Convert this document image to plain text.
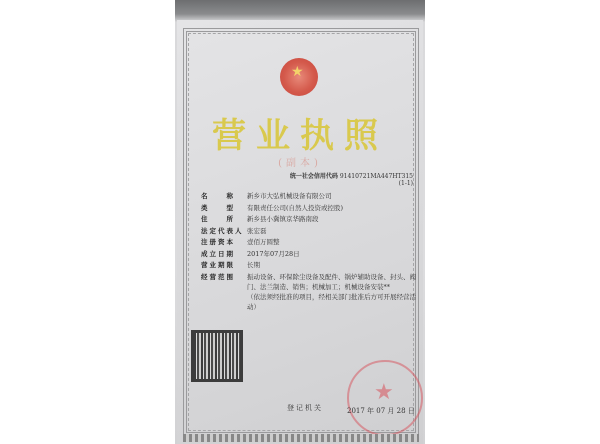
★
营业执照
(副本)
统一社会信用代码 91410721MA447HT315
(1-1)
名　　称	新乡市大弘机械设备有限公司
类　　型	有限责任公司(自然人投资或控股)
住　　所	新乡县小冀镇京华路南段
法定代表人 张宏磊
注册资本	壹佰万圆整
成立日期	2017年07月28日
营业期限	长期
经营范围	振动设备、环保除尘设备及配件、锅炉辅助设备、封头、阀门、法兰制造、销售；机械加工；机械设备安装**
（依法须经批准的项目，经相关部门批准后方可开展经营活动）
★
登记机关	2017 年 07 月 28 日
